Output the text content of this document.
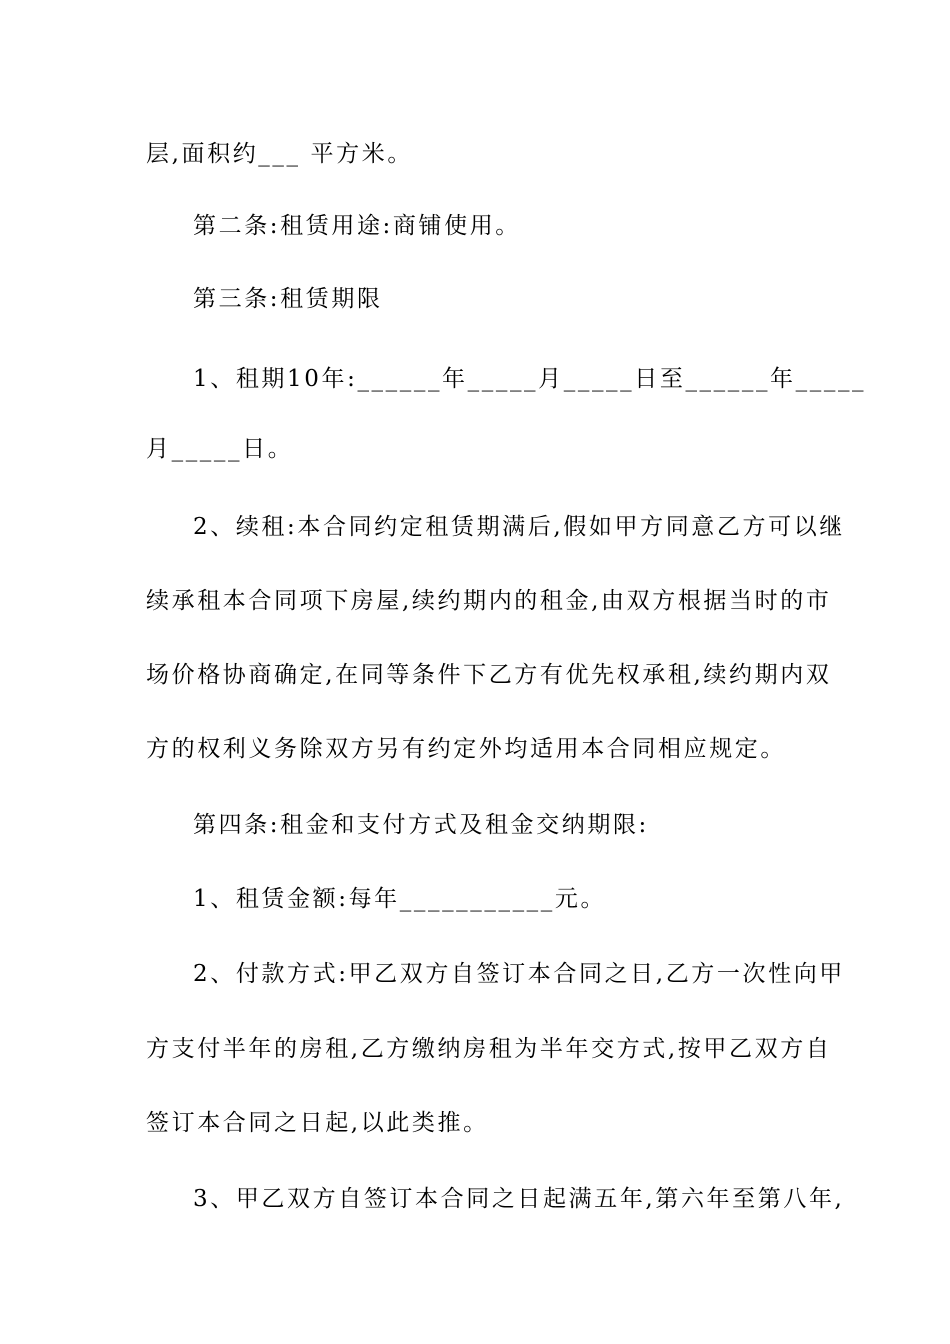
层,面积约___ 平方米。
第二条:租赁用途:商铺使用。
第三条:租赁期限
1、租期10年:______年_____月_____日至______年_____
月_____日。
2、续租:本合同约定租赁期满后,假如甲方同意乙方可以继
续承租本合同项下房屋,续约期内的租金,由双方根据当时的市
场价格协商确定,在同等条件下乙方有优先权承租,续约期内双
方的权利义务除双方另有约定外均适用本合同相应规定。
第四条:租金和支付方式及租金交纳期限:
1、租赁金额:每年___________元。
2、付款方式:甲乙双方自签订本合同之日,乙方一次性向甲
方支付半年的房租,乙方缴纳房租为半年交方式,按甲乙双方自
签订本合同之日起,以此类推。
3、甲乙双方自签订本合同之日起满五年,第六年至第八年,
